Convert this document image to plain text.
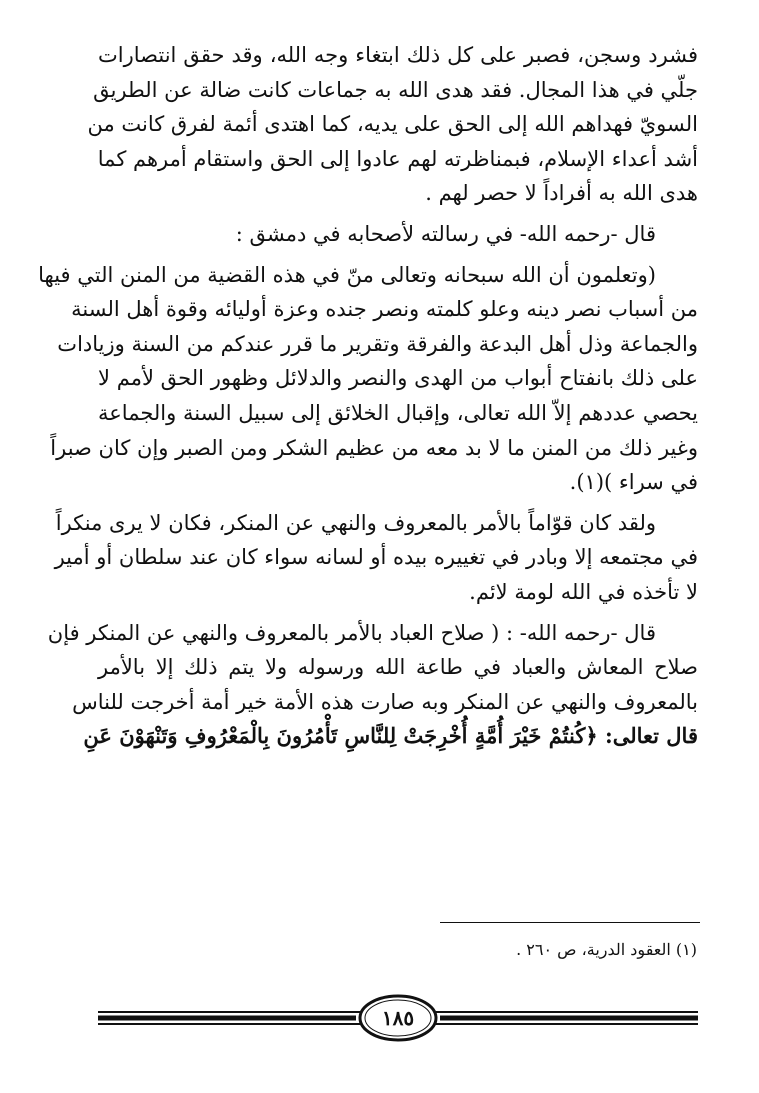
فشرد وسجن، فصبر على كل ذلك ابتغاء وجه الله، وقد حقق انتصارات
جلّي في هذا المجال. فقد هدى الله به جماعات كانت ضالة عن الطريق
السويّ فهداهم الله إلى الحق على يديه، كما اهتدى أئمة لفرق كانت من
أشد أعداء الإسلام، فبمناظرته لهم عادوا إلى الحق واستقام أمرهم كما
هدى الله به أفراداً لا حصر لهم .
قال -رحمه الله- في رسالته لأصحابه في دمشق :
(وتعلمون أن الله سبحانه وتعالى منّ في هذه القضية من المنن التي فيها
من أسباب نصر دينه وعلو كلمته ونصر جنده وعزة أوليائه وقوة أهل السنة
والجماعة وذل أهل البدعة والفرقة وتقرير ما قرر عندكم من السنة وزيادات
على ذلك بانفتاح أبواب من الهدى والنصر والدلائل وظهور الحق لأمم لا
يحصي عددهم إلاّ الله تعالى، وإقبال الخلائق إلى سبيل السنة والجماعة
وغير ذلك من المنن ما لا بد معه من عظيم الشكر ومن الصبر وإن كان صبراً
في سراء )(١).
ولقد كان قوّاماً بالأمر بالمعروف والنهي عن المنكر، فكان لا يرى منكراً
في مجتمعه إلا وبادر في تغييره بيده أو لسانه سواء كان عند سلطان أو أمير
لا تأخذه في الله لومة لائم.
قال -رحمه الله- : ( صلاح العباد بالأمر بالمعروف والنهي عن المنكر فإن
صلاح المعاش والعباد في طاعة الله ورسوله ولا يتم ذلك إلا بالأمر
بالمعروف والنهي عن المنكر وبه صارت هذه الأمة خير أمة أخرجت للناس
قال تعالى: ﴿كُنتُمْ خَيْرَ أُمَّةٍ أُخْرِجَتْ لِلنَّاسِ تَأْمُرُونَ بِالْمَعْرُوفِ وَتَنْهَوْنَ عَنِ
(١) العقود الدرية، ص ٢٦٠ .
١٨٥
